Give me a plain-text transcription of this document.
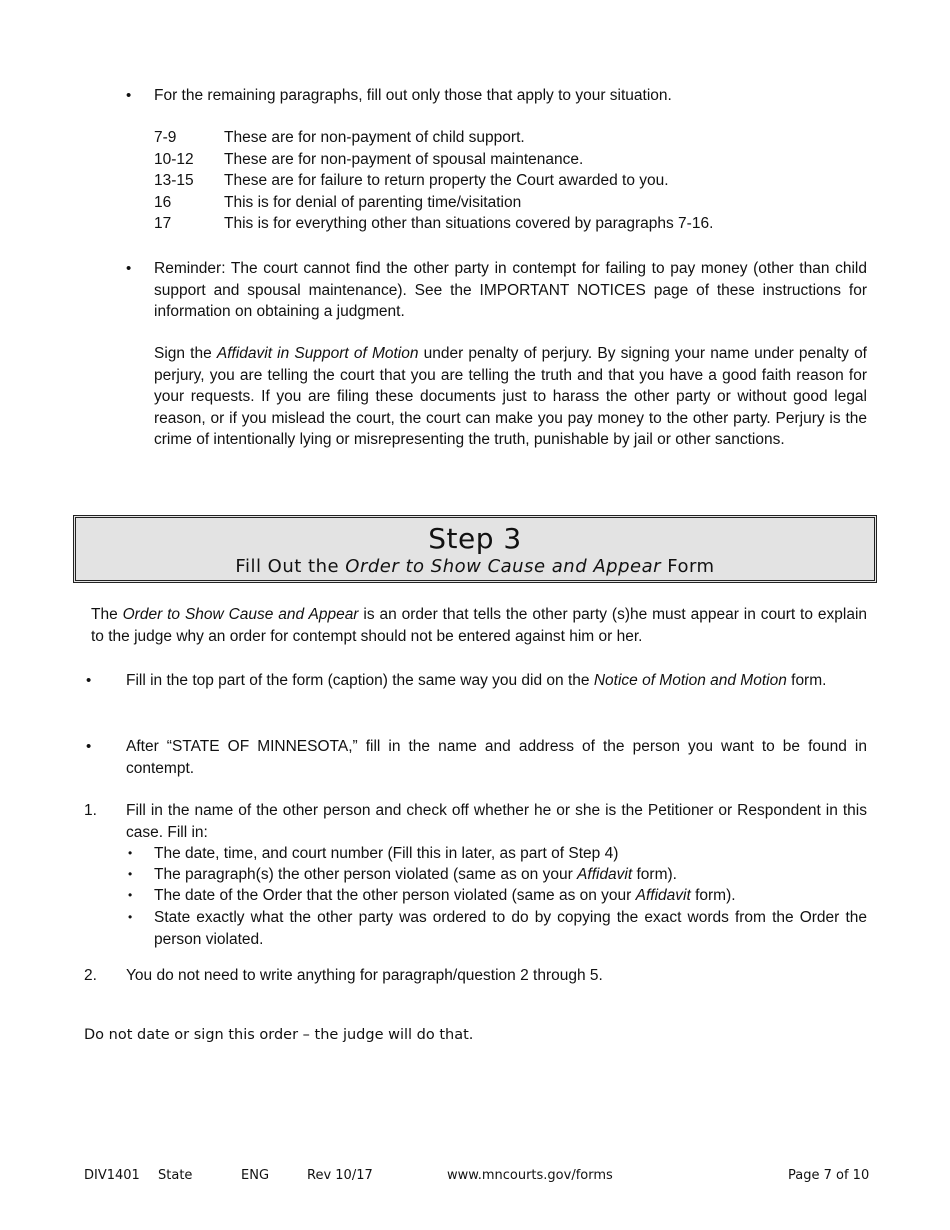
• For the remaining paragraphs, fill out only those that apply to your situation.
7-9	These are for non-payment of child support.
10-12 These are for non-payment of spousal maintenance.
13-15 These are for failure to return property the Court awarded to you.
16	This is for denial of parenting time/visitation
17	This is for everything other than situations covered by paragraphs 7-16.
• Reminder: The court cannot find the other party in contempt for failing to pay money (other than child support and spousal maintenance). See the IMPORTANT NOTICES page of these instructions for information on obtaining a judgment.
Sign the Affidavit in Support of Motion under penalty of perjury. By signing your name under penalty of perjury, you are telling the court that you are telling the truth and that you have a good faith reason for your requests. If you are filing these documents just to harass the other party or without good legal reason, or if you mislead the court, the court can make you pay money to the other party. Perjury is the crime of intentionally lying or misrepresenting the truth, punishable by jail or other sanctions.
Step 3
Fill Out the Order to Show Cause and Appear Form
The Order to Show Cause and Appear is an order that tells the other party (s)he must appear in court to explain to the judge why an order for contempt should not be entered against him or her.
• Fill in the top part of the form (caption) the same way you did on the Notice of Motion and Motion form.
• After “STATE OF MINNESOTA,” fill in the name and address of the person you want to be found in contempt.
1. Fill in the name of the other person and check off whether he or she is the Petitioner or Respondent in this case. Fill in:
• The date, time, and court number (Fill this in later, as part of Step 4)
• The paragraph(s) the other person violated (same as on your Affidavit form).
• The date of the Order that the other person violated (same as on your Affidavit form).
• State exactly what the other party was ordered to do by copying the exact words from the Order the person violated.
2. You do not need to write anything for paragraph/question 2 through 5.
Do not date or sign this order – the judge will do that.
DIV1401 State	ENG	Rev 10/17	www.mncourts.gov/forms	Page 7 of 10
